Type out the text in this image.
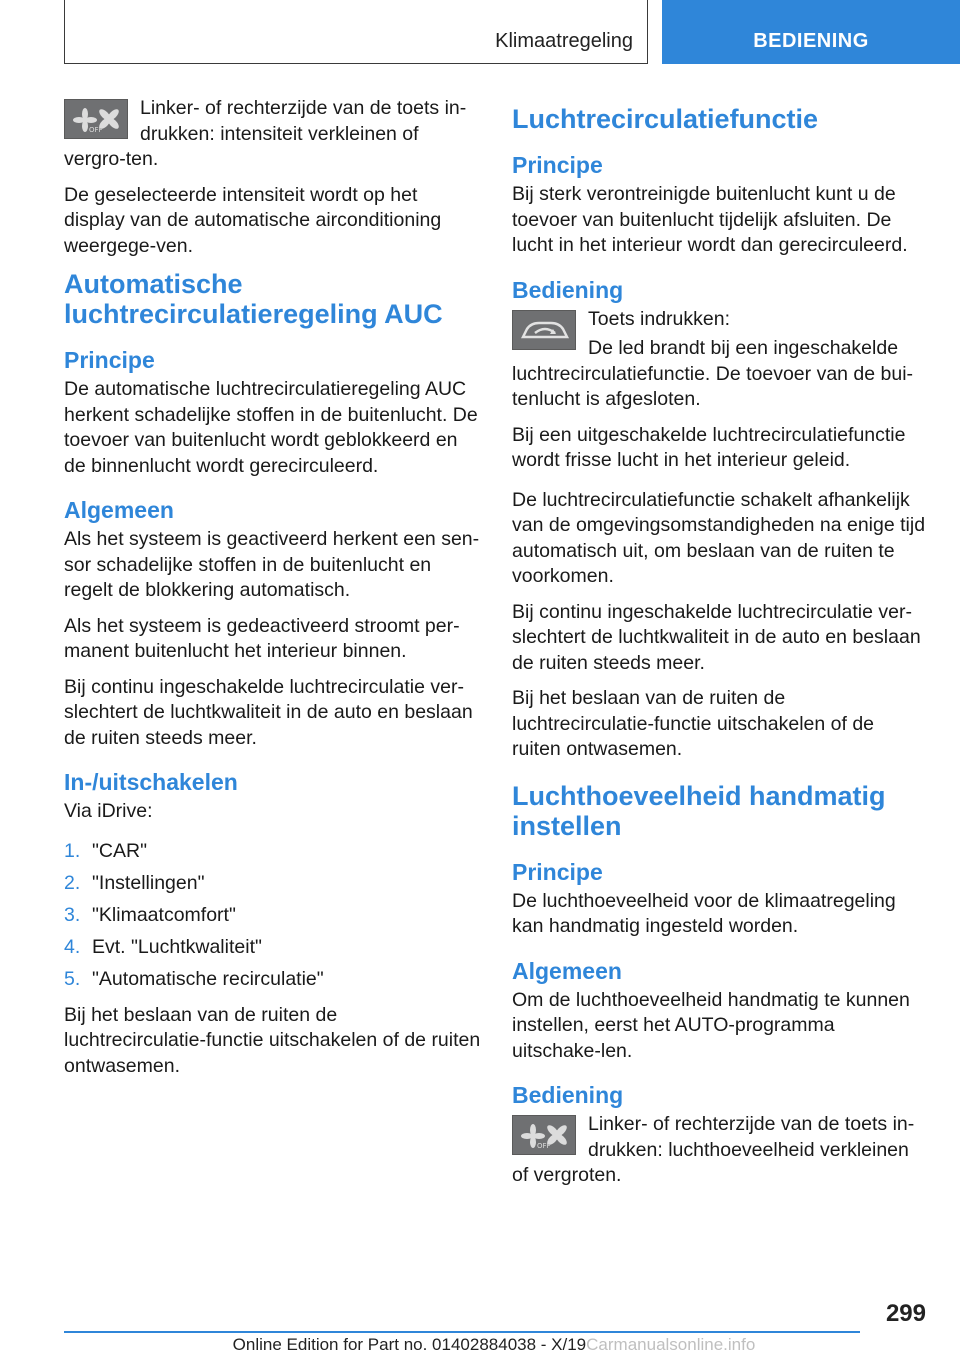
Klimaatregeling	BEDIENING

OFF
Linker- of rechterzijde van de toets in-drukken: intensiteit verkleinen of vergro-ten.

De geselecteerde intensiteit wordt op het display van de automatische airconditioning weergege-ven.

Automatische luchtrecirculatieregeling AUC
Principe

De automatische luchtrecirculatieregeling AUC herkent schadelijke stoffen in de buitenlucht. De toevoer van buitenlucht wordt geblokkeerd en de binnenlucht wordt gerecirculeerd.

Algemeen

Als het systeem is geactiveerd herkent een sen-sor schadelijke stoffen in de buitenlucht en regelt de blokkering automatisch.

Als het systeem is gedeactiveerd stroomt per-manent buitenlucht het interieur binnen.

Bij continu ingeschakelde luchtrecirculatie ver-slechtert de luchtkwaliteit in de auto en beslaan de ruiten steeds meer.

In-/uitschakelen

Via iDrive:

1. "CAR"
2. "Instellingen"
3. "Klimaatcomfort"
4. Evt. "Luchtkwaliteit"
5. "Automatische recirculatie"

Bij het beslaan van de ruiten de luchtrecirculatie-functie uitschakelen of de ruiten ontwasemen.

Luchtrecirculatiefunctie
Principe

Bij sterk verontreinigde buitenlucht kunt u de toevoer van buitenlucht tijdelijk afsluiten. De lucht in het interieur wordt dan gerecirculeerd.

Bediening

Toets indrukken:

De led brandt bij een ingeschakelde luchtrecirculatiefunctie. De toevoer van de bui-tenlucht is afgesloten.

Bij een uitgeschakelde luchtrecirculatiefunctie wordt frisse lucht in het interieur geleid.

De luchtrecirculatiefunctie schakelt afhankelijk van de omgevingsomstandigheden na enige tijd automatisch uit, om beslaan van de ruiten te voorkomen.

Bij continu ingeschakelde luchtrecirculatie ver-slechtert de luchtkwaliteit in de auto en beslaan de ruiten steeds meer.

Bij het beslaan van de ruiten de luchtrecirculatie-functie uitschakelen of de ruiten ontwasemen.

Luchthoeveelheid handmatig instellen
Principe

De luchthoeveelheid voor de klimaatregeling kan handmatig ingesteld worden.

Algemeen

Om de luchthoeveelheid handmatig te kunnen instellen, eerst het AUTO-programma uitschake-len.

Bediening

OFF
Linker- of rechterzijde van de toets in-drukken: luchthoeveelheid verkleinen of vergroten.

299
Online Edition for Part no. 01402884038 - X/19Carmanualsonline.info
